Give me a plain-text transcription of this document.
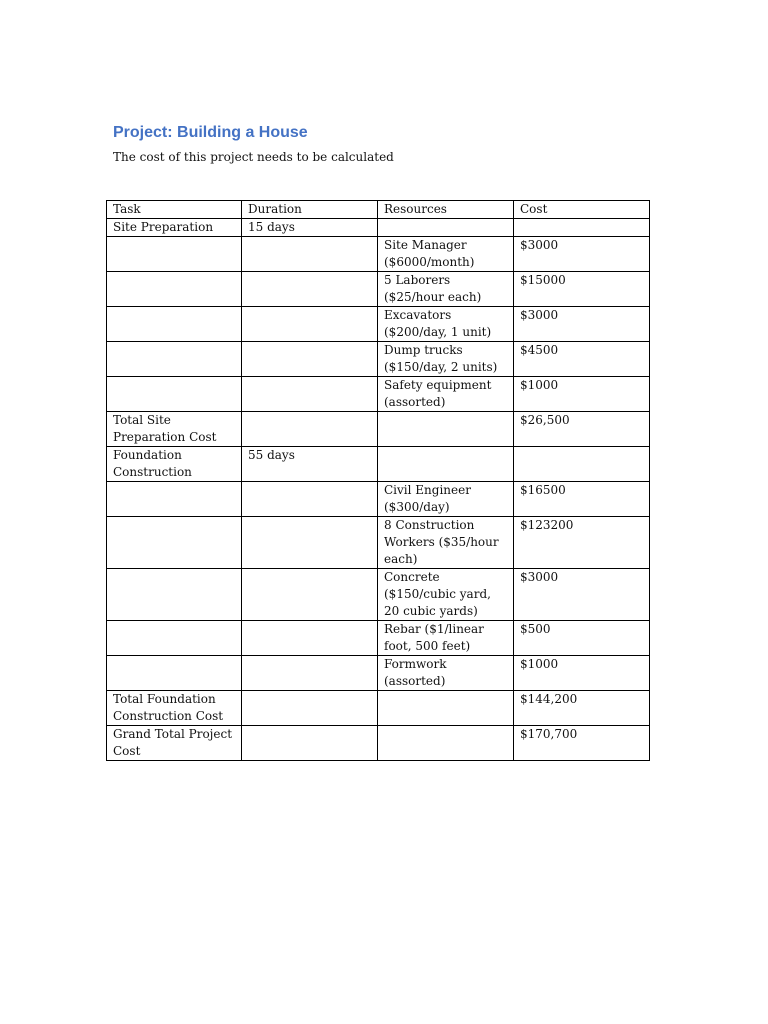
Project: Building a House

The cost of this project needs to be calculated

Task	Duration	Resources	Cost
Site Preparation	15 days		
		Site Manager ($6000/month)	$3000
		5 Laborers ($25/hour each)	$15000
		Excavators ($200/day, 1 unit)	$3000
		Dump trucks ($150/day, 2 units)	$4500
		Safety equipment (assorted)	$1000
Total Site Preparation Cost			$26,500
Foundation Construction	55 days		
		Civil Engineer ($300/day)	$16500
		8 Construction Workers ($35/hour each)	$123200
		Concrete ($150/cubic yard, 20 cubic yards)	$3000
		Rebar ($1/linear foot, 500 feet)	$500
		Formwork (assorted)	$1000
Total Foundation Construction Cost			$144,200
Grand Total Project Cost			$170,700
